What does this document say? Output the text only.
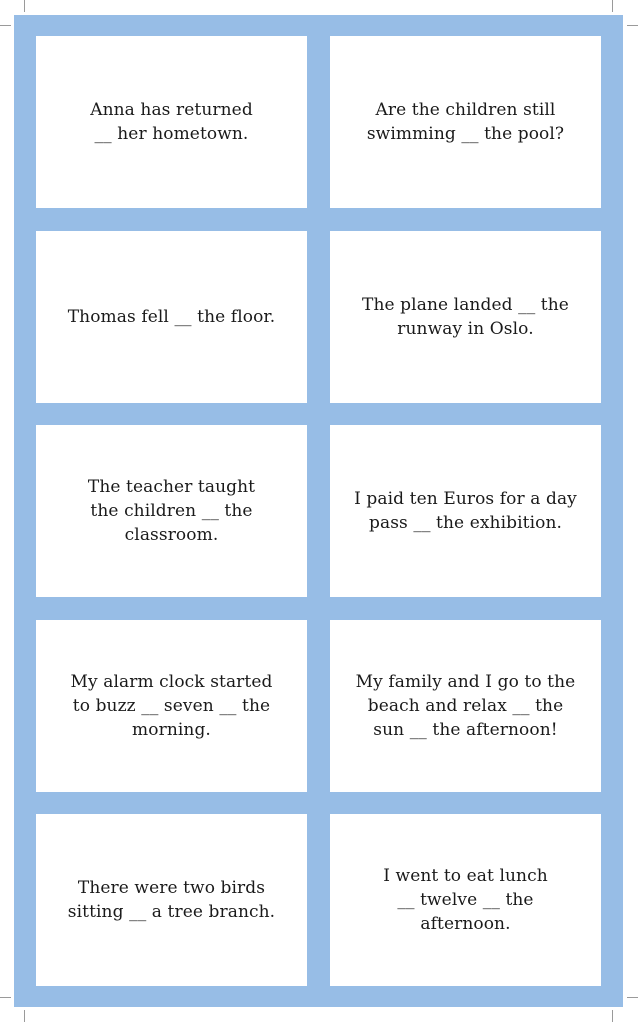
Anna has returned
__ her hometown.
Are the children still
swimming __ the pool?
Thomas fell __ the floor.
The plane landed __ the
runway in Oslo.
The teacher taught
the children __ the
classroom.
I paid ten Euros for a day
pass __ the exhibition.
My alarm clock started
to buzz __ seven __ the
morning.
My family and I go to the
beach and relax __ the
sun __ the afternoon!
There were two birds
sitting __ a tree branch.
I went to eat lunch
__ twelve __ the
afternoon.
